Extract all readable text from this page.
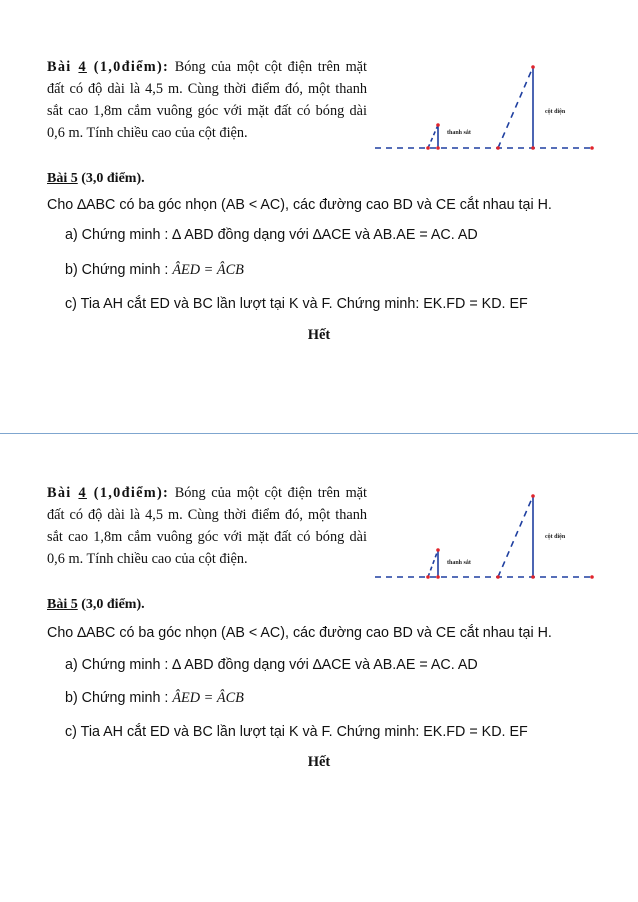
Bài 4 (1,0điểm): Bóng của một cột điện trên mặt đất có độ dài là 4,5 m. Cùng thời điểm đó, một thanh sắt cao 1,8m cắm vuông góc với mặt đất có bóng dài 0,6 m. Tính chiều cao của cột điện.	thanh sắt
cột điện
Bài 5 (3,0 điểm).
Cho ∆ABC có ba góc nhọn (AB < AC), các đường cao BD và CE cắt nhau tại H.
a) Chứng minh : ∆ ABD đồng dạng với ∆ACE và AB.AE = AC. AD
b) Chứng minh : ÂED = ÂCB
c) Tia AH cắt ED và BC lần lượt tại K và F. Chứng minh: EK.FD = KD. EF
Hết
Bài 4 (1,0điểm): Bóng của một cột điện trên mặt đất có độ dài là 4,5 m. Cùng thời điểm đó, một thanh sắt cao 1,8m cắm vuông góc với mặt đất có bóng dài 0,6 m. Tính chiều cao của cột điện.	thanh sắt
cột điện
Bài 5 (3,0 điểm).
Cho ∆ABC có ba góc nhọn (AB < AC), các đường cao BD và CE cắt nhau tại H.
a) Chứng minh : ∆ ABD đồng dạng với ∆ACE và AB.AE = AC. AD
b) Chứng minh : ÂED = ÂCB
c) Tia AH cắt ED và BC lần lượt tại K và F. Chứng minh: EK.FD = KD. EF
Hết
